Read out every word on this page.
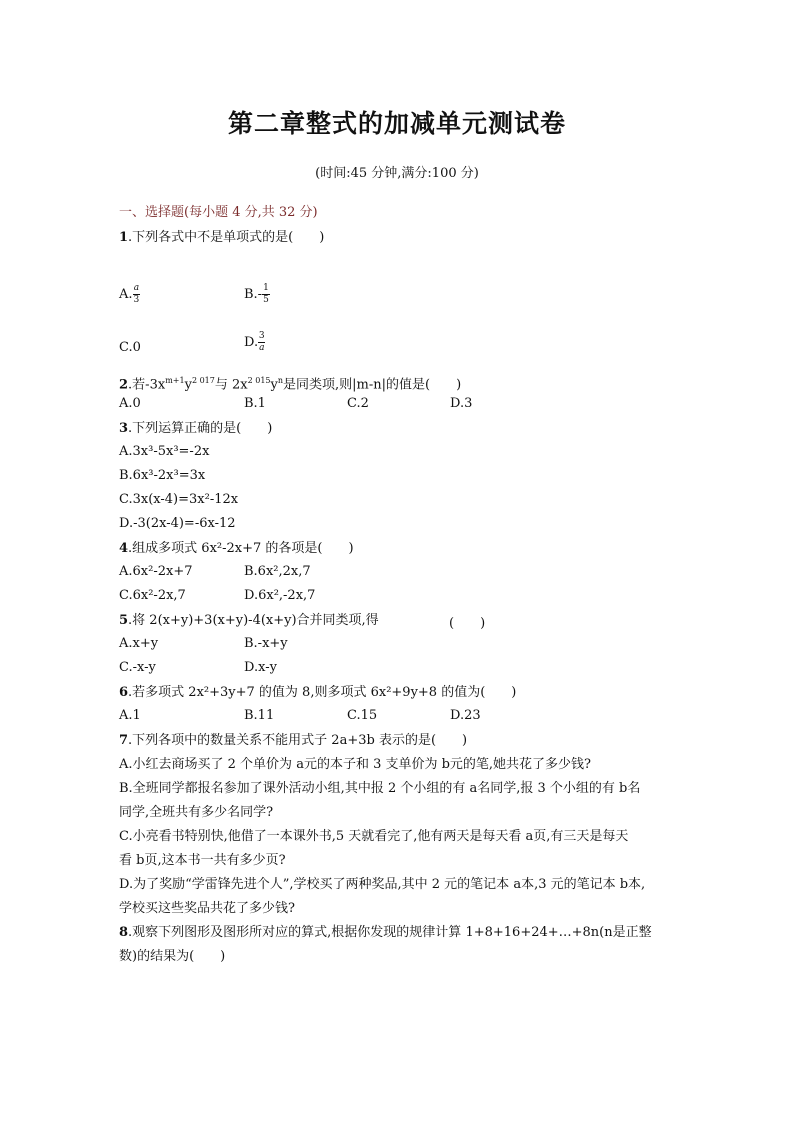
第二章整式的加减单元测试卷
(时间:45 分钟,满分:100 分)
一、选择题(每小题 4 分,共 32 分)
1.下列各式中不是单项式的是(　　)
A. $\frac{a}{3}$	$B.- \frac{1}{5}$
C.0	D. $\frac{3}{a}$
2.若$-3x^{m+1}y^{2 017}$与 $2x^{2 015}y^n$是同类项,则|m-n|的值是(　　)
A.0	B.1	C.2	D.3
3.下列运算正确的是(　　)
A.3x³-5x³=-2x
B.6x³-2x³=3x
C.3x(x-4)=3x²-12x
D.-3(2x-4)=-6x-12
4.组成多项式 6x²-2x+7 的各项是(　　)
A.6x²-2x+7	B.6x²,2x,7
C.6x²-2x,7	D.6x²,-2x,7
5.将 2(x+y)+3(x+y)-4(x+y)合并同类项,得	(　　)
A.x+y	B.-x+y
C.-x-y	D.x-y
6.若多项式 2x²+3y+7 的值为 8,则多项式 6x²+9y+8 的值为(　　)
A.1	B.11	C.15	D.23
7.下列各项中的数量关系不能用式子 2a+3b 表示的是(　　)
A.小红去商场买了 2 个单价为 a元的本子和 3 支单价为 b元的笔,她共花了多少钱?
B.全班同学都报名参加了课外活动小组,其中报 2 个小组的有 a名同学,报 3 个小组的有 b名
同学,全班共有多少名同学?
C.小亮看书特别快,他借了一本课外书,5 天就看完了,他有两天是每天看 a页,有三天是每天
看 b页,这本书一共有多少页?
D.为了奖励“学雷锋先进个人”,学校买了两种奖品,其中 2 元的笔记本 a本,3 元的笔记本 b本,
学校买这些奖品共花了多少钱?
8.观察下列图形及图形所对应的算式,根据你发现的规律计算 1+8+16+24+…+8n(n是正整
数)的结果为(　　)
